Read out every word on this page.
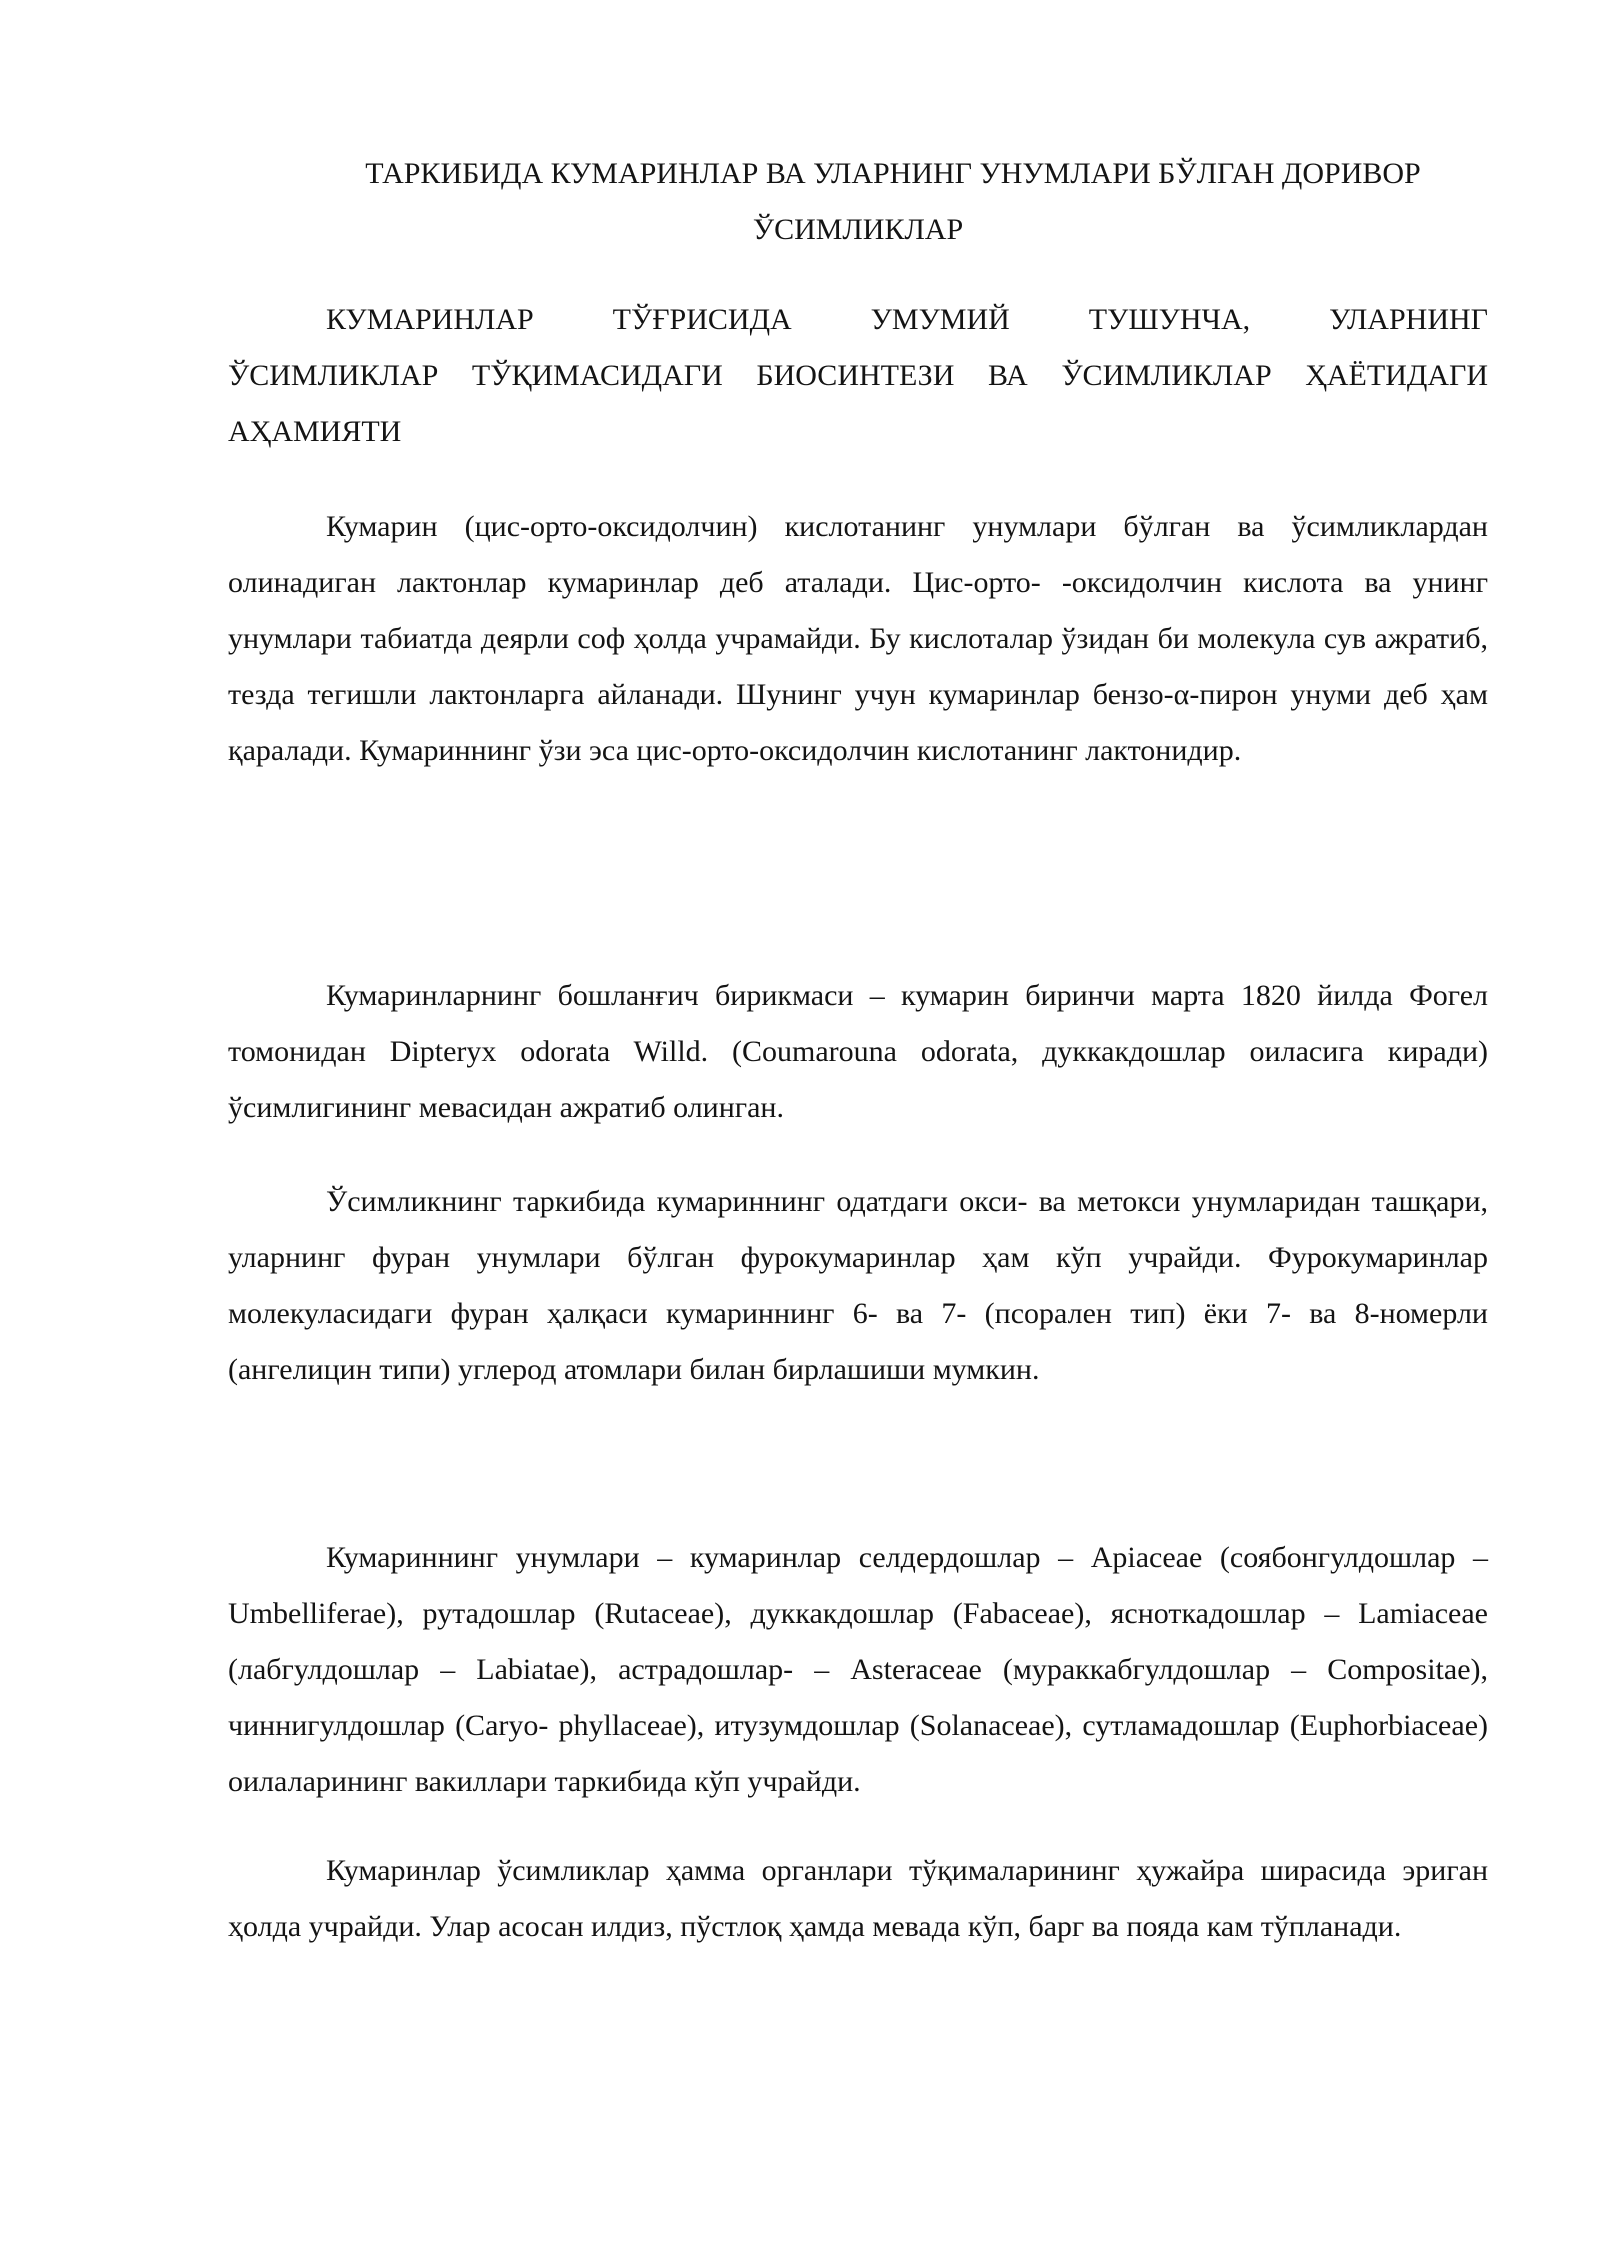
ТАРКИБИДА КУМАРИНЛАР ВА УЛАРНИНГ УНУМЛАРИ БЎЛГАН ДОРИВОР
ЎСИМЛИКЛАР
КУМАРИНЛАР ТЎҒРИСИДА УМУМИЙ ТУШУНЧА, УЛАРНИНГ
ЎСИМЛИКЛАР ТЎҚИМАСИДАГИ БИОСИНТЕЗИ ВА ЎСИМЛИКЛАР ҲАЁТИДАГИ
АҲАМИЯТИ

Кумарин (цис-орто-оксидолчин) кислотанинг унумлари бўлган ва ўсимликлардан олинадиган лактонлар кумаринлар деб аталади. Цис-орто- -оксидолчин кислота ва унинг унумлари табиатда деярли соф ҳолда учрамайди. Бу кислоталар ўзидан би молекула сув ажратиб, тезда тегишли лактонларга айланади. Шунинг учун кумаринлар бензо-α-пирон унуми деб ҳам қаралади. Кумариннинг ўзи эса цис-орто-оксидолчин кислотанинг лактонидир.

Кумаринларнинг бошланғич бирикмаси – кумарин биринчи марта 1820 йилда Фогел томонидан Dipteryx odorata Willd. (Coumarouna odorata, дуккакдошлар оиласига киради) ўсимлигининг мевасидан ажратиб олинган.

Ўсимликнинг таркибида кумариннинг одатдаги окси- ва метокси унумларидан ташқари, уларнинг фуран унумлари бўлган фурокумаринлар ҳам кўп учрайди. Фурокумаринлар молекуласидаги фуран ҳалқаси кумариннинг 6- ва 7- (псорален тип) ёки 7- ва 8-номерли (ангелицин типи) углерод атомлари билан бирлашиши мумкин.

Кумариннинг унумлари – кумаринлар селдердошлар – Apiaceae (соябонгулдошлар – Umbelliferae), рутадошлар (Rutaceae), дуккакдошлар (Fabaceae), ясноткадошлар – Lamiaceae (лабгулдошлар – Labiatae), астрадошлар- – Asteraceae (мураккабгулдошлар – Compositae), чиннигулдошлар (Caryo- phyllaceae), итузумдошлар (Solanaceae), сутламадошлар (Euphorbiaceae) оилаларининг вакиллари таркибида кўп учрайди.

Кумаринлар ўсимликлар ҳамма органлари тўқималарининг ҳужайра ширасида эриган ҳолда учрайди. Улар асосан илдиз, пўстлоқ ҳамда мевада кўп, барг ва пояда кам тўпланади.
